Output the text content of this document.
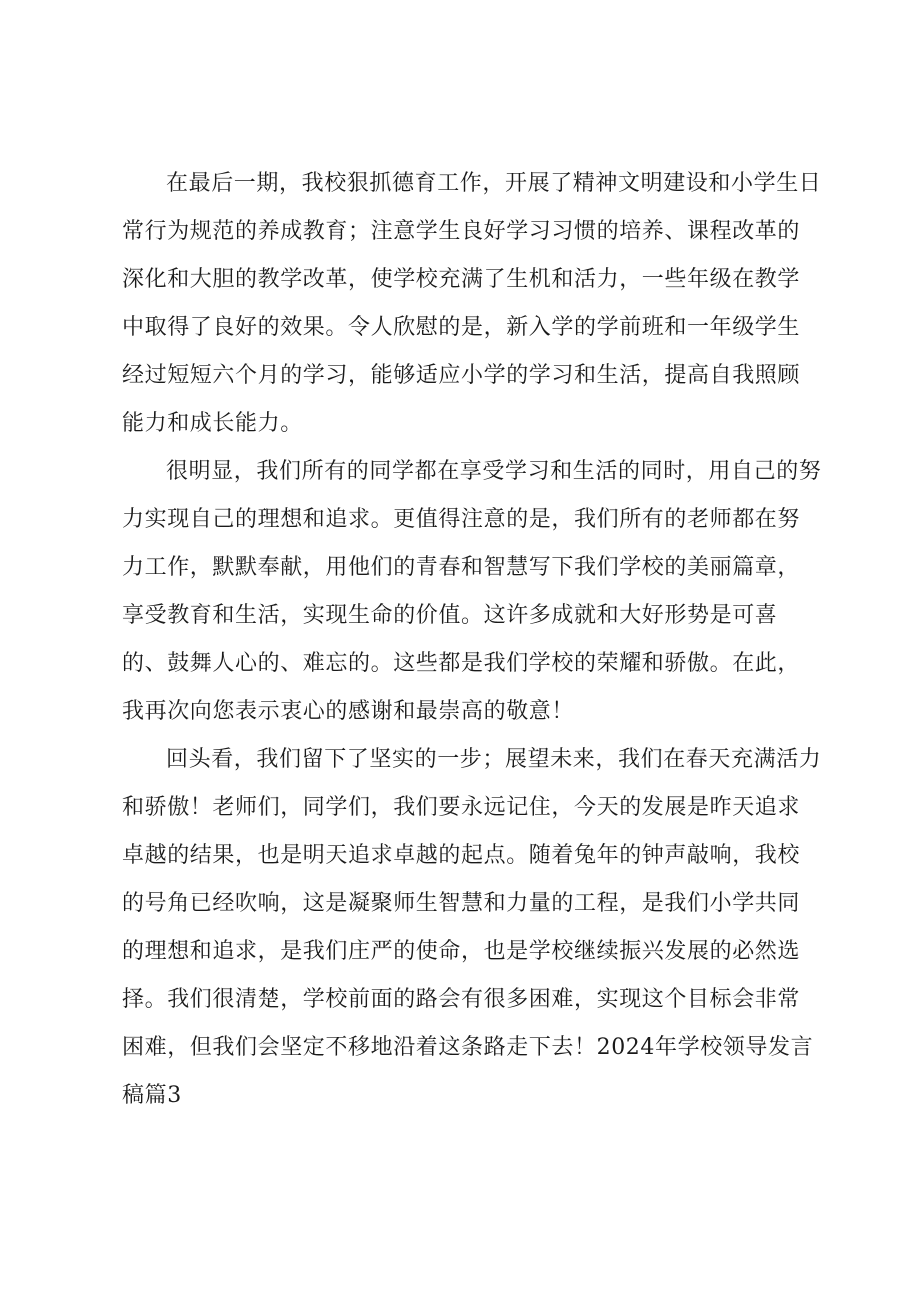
在最后一期，我校狠抓德育工作，开展了精神文明建设和小学生日常行为规范的养成教育；注意学生良好学习习惯的培养、课程改革的深化和大胆的教学改革，使学校充满了生机和活力，一些年级在教学中取得了良好的效果。令人欣慰的是，新入学的学前班和一年级学生经过短短六个月的学习，能够适应小学的学习和生活，提高自我照顾能力和成长能力。

很明显，我们所有的同学都在享受学习和生活的同时，用自己的努力实现自己的理想和追求。更值得注意的是，我们所有的老师都在努力工作，默默奉献，用他们的青春和智慧写下我们学校的美丽篇章，享受教育和生活，实现生命的价值。这许多成就和大好形势是可喜的、鼓舞人心的、难忘的。这些都是我们学校的荣耀和骄傲。在此，我再次向您表示衷心的感谢和最崇高的敬意！

回头看，我们留下了坚实的一步；展望未来，我们在春天充满活力和骄傲！老师们，同学们，我们要永远记住，今天的发展是昨天追求卓越的结果，也是明天追求卓越的起点。随着兔年的钟声敲响，我校的号角已经吹响，这是凝聚师生智慧和力量的工程，是我们小学共同的理想和追求，是我们庄严的使命，也是学校继续振兴发展的必然选择。我们很清楚，学校前面的路会有很多困难，实现这个目标会非常困难，但我们会坚定不移地沿着这条路走下去！2024年学校领导发言稿篇3
